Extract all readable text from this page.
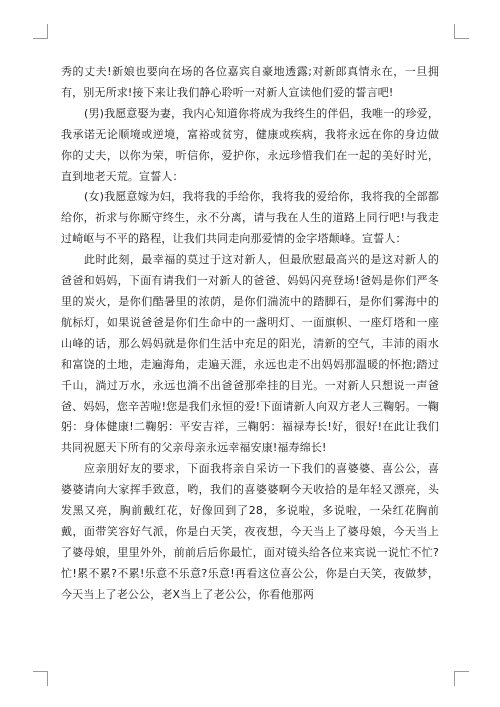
秀的丈夫!新娘也要向在场的各位嘉宾自豪地透露;对新郎真情永在，一旦拥有，别无所求!接下来让我们静心聆听一对新人宣读他们爱的誓言吧!

(男)我愿意娶为妻，我内心知道你将成为我终生的伴侣，我唯一的珍爱，我承诺无论顺境或逆境，富裕或贫穷，健康或疾病，我将永远在你的身边做你的丈夫，以你为荣，听信你，爱护你，永远珍惜我们在一起的美好时光，直到地老天荒。宣誓人：

(女)我愿意嫁为妇，我将我的手给你，我将我的爱给你，我将我的全部都给你，祈求与你厮守终生，永不分离，请与我在人生的道路上同行吧!与我走过崎岖与不平的路程，让我们共同走向那爱情的金字塔颠峰。宣誓人：

此时此刻，最幸福的莫过于这对新人，但最欣慰最高兴的是这对新人的爸爸和妈妈，下面有请我们一对新人的爸爸、妈妈闪亮登场!爸妈是你们严冬里的炭火，是你们酷暑里的浓荫，是你们湍流中的踏脚石，是你们雾海中的航标灯，如果说爸爸是你们生命中的一盏明灯、一面旗帜、一座灯塔和一座山峰的话，那么妈妈就是你们生活中充足的阳光，清新的空气，丰沛的雨水和富饶的土地，走遍海角，走遍天涯，永远也走不出妈妈那温暖的怀抱;踏过千山，淌过万水，永远也淌不出爸爸那牵挂的目光。一对新人只想说一声爸爸、妈妈，您辛苦啦!您是我们永恒的爱!下面请新人向双方老人三鞠躬。一鞠躬：身体健康!二鞠躬：平安吉祥，三鞠躬：福禄寿长!好，很好!在此让我们共同祝愿天下所有的父亲母亲永远幸福安康!福寿绵长!

应亲朋好友的要求，下面我将亲自采访一下我们的喜婆婆、喜公公，喜婆婆请向大家挥手致意，哟，我们的喜婆婆啊今天收拾的是年轻又漂亮，头发黑又亮，胸前戴红花，好像回到了28，多说啦，多说啦，一朵红花胸前戴，面带笑容好气派，你是白天笑，夜夜想，今天当上了婆母娘，今天当上了婆母娘，里里外外，前前后后你最忙，面对镜头给各位来宾说一说忙不忙?忙!累不累?不累!乐意不乐意?乐意!再看这位喜公公，你是白天笑，夜做梦，今天当上了老公公，老X当上了老公公，你看他那两
